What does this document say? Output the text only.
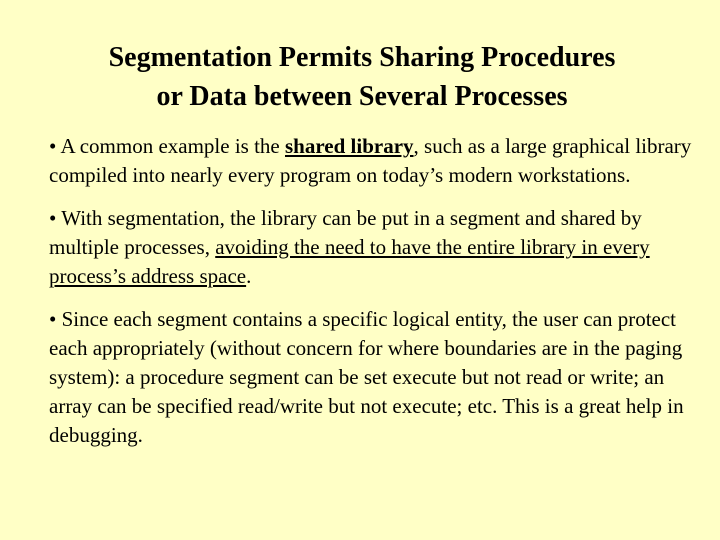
Segmentation Permits Sharing Procedures
or Data between Several Processes
• A common example is the shared library, such as a large graphical library compiled into nearly every program on today’s modern workstations.
• With segmentation, the library can be put in a segment and shared by multiple processes, avoiding the need to have the entire library in every process’s address space.
• Since each segment contains a specific logical entity, the user can protect each appropriately (without concern for where boundaries are in the paging system): a procedure segment can be set execute but not read or write; an array can be specified read/write but not execute; etc. This is a great help in debugging.
